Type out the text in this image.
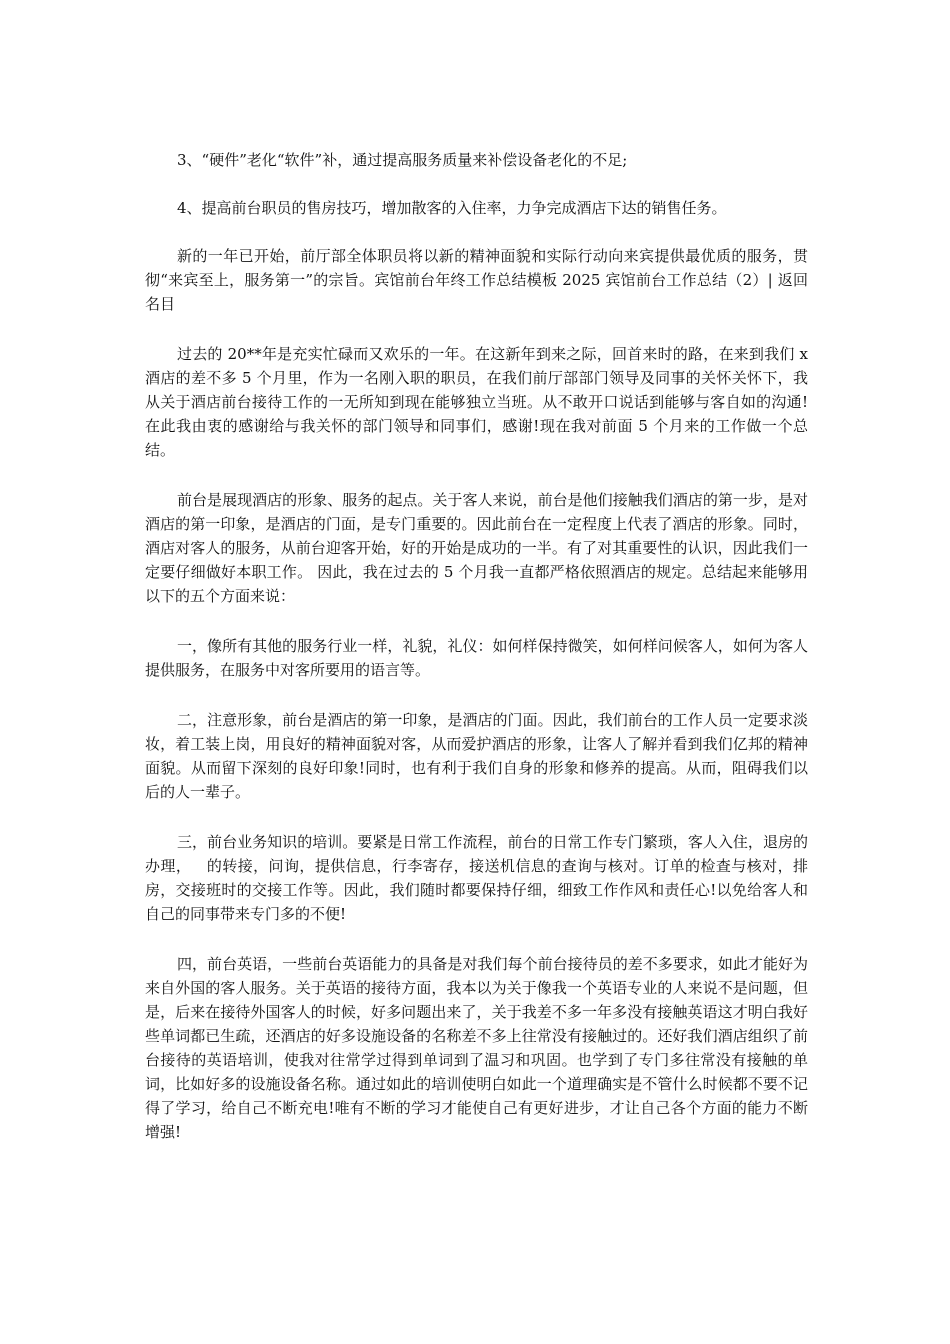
3、“硬件”老化“软件”补，通过提高服务质量来补偿设备老化的不足;

4、提高前台职员的售房技巧，增加散客的入住率，力争完成酒店下达的销售任务。

新的一年已开始，前厅部全体职员将以新的精神面貌和实际行动向来宾提供最优质的服务，贯彻“来宾至上，服务第一”的宗旨。宾馆前台年终工作总结模板 2025 宾馆前台工作总结（2）| 返回名目

过去的 20**年是充实忙碌而又欢乐的一年。在这新年到来之际，回首来时的路，在来到我们 x 酒店的差不多 5 个月里，作为一名刚入职的职员，在我们前厅部部门领导及同事的关怀关怀下，我从关于酒店前台接待工作的一无所知到现在能够独立当班。从不敢开口说话到能够与客自如的沟通!在此我由衷的感谢给与我关怀的部门领导和同事们，感谢!现在我对前面 5 个月来的工作做一个总结。

前台是展现酒店的形象、服务的起点。关于客人来说，前台是他们接触我们酒店的第一步，是对酒店的第一印象，是酒店的门面，是专门重要的。因此前台在一定程度上代表了酒店的形象。同时，酒店对客人的服务，从前台迎客开始，好的开始是成功的一半。有了对其重要性的认识，因此我们一定要仔细做好本职工作。 因此，我在过去的 5 个月我一直都严格依照酒店的规定。总结起来能够用以下的五个方面来说：

一，像所有其他的服务行业一样，礼貌，礼仪：如何样保持微笑，如何样问候客人，如何为客人提供服务，在服务中对客所要用的语言等。

二，注意形象，前台是酒店的第一印象，是酒店的门面。因此，我们前台的工作人员一定要求淡妆，着工装上岗，用良好的精神面貌对客，从而爱护酒店的形象，让客人了解并看到我们亿邦的精神面貌。从而留下深刻的良好印象!同时，也有利于我们自身的形象和修养的提高。从而，阻碍我们以后的人一辈子。

三，前台业务知识的培训。要紧是日常工作流程，前台的日常工作专门繁琐，客人入住，退房的办理，   的转接，问询，提供信息，行李寄存，接送机信息的查询与核对。订单的检查与核对，排房，交接班时的交接工作等。因此，我们随时都要保持仔细，细致工作作风和责任心!以免给客人和自己的同事带来专门多的不便!

四，前台英语，一些前台英语能力的具备是对我们每个前台接待员的差不多要求，如此才能好为来自外国的客人服务。关于英语的接待方面，我本以为关于像我一个英语专业的人来说不是问题，但是，后来在接待外国客人的时候，好多问题出来了，关于我差不多一年多没有接触英语这才明白我好些单词都已生疏，还酒店的好多设施设备的名称差不多上往常没有接触过的。还好我们酒店组织了前台接待的英语培训，使我对往常学过得到单词到了温习和巩固。也学到了专门多往常没有接触的单词，比如好多的设施设备名称。通过如此的培训使明白如此一个道理确实是不管什么时候都不要不记得了学习，给自己不断充电!唯有不断的学习才能使自己有更好进步，才让自己各个方面的能力不断增强!
